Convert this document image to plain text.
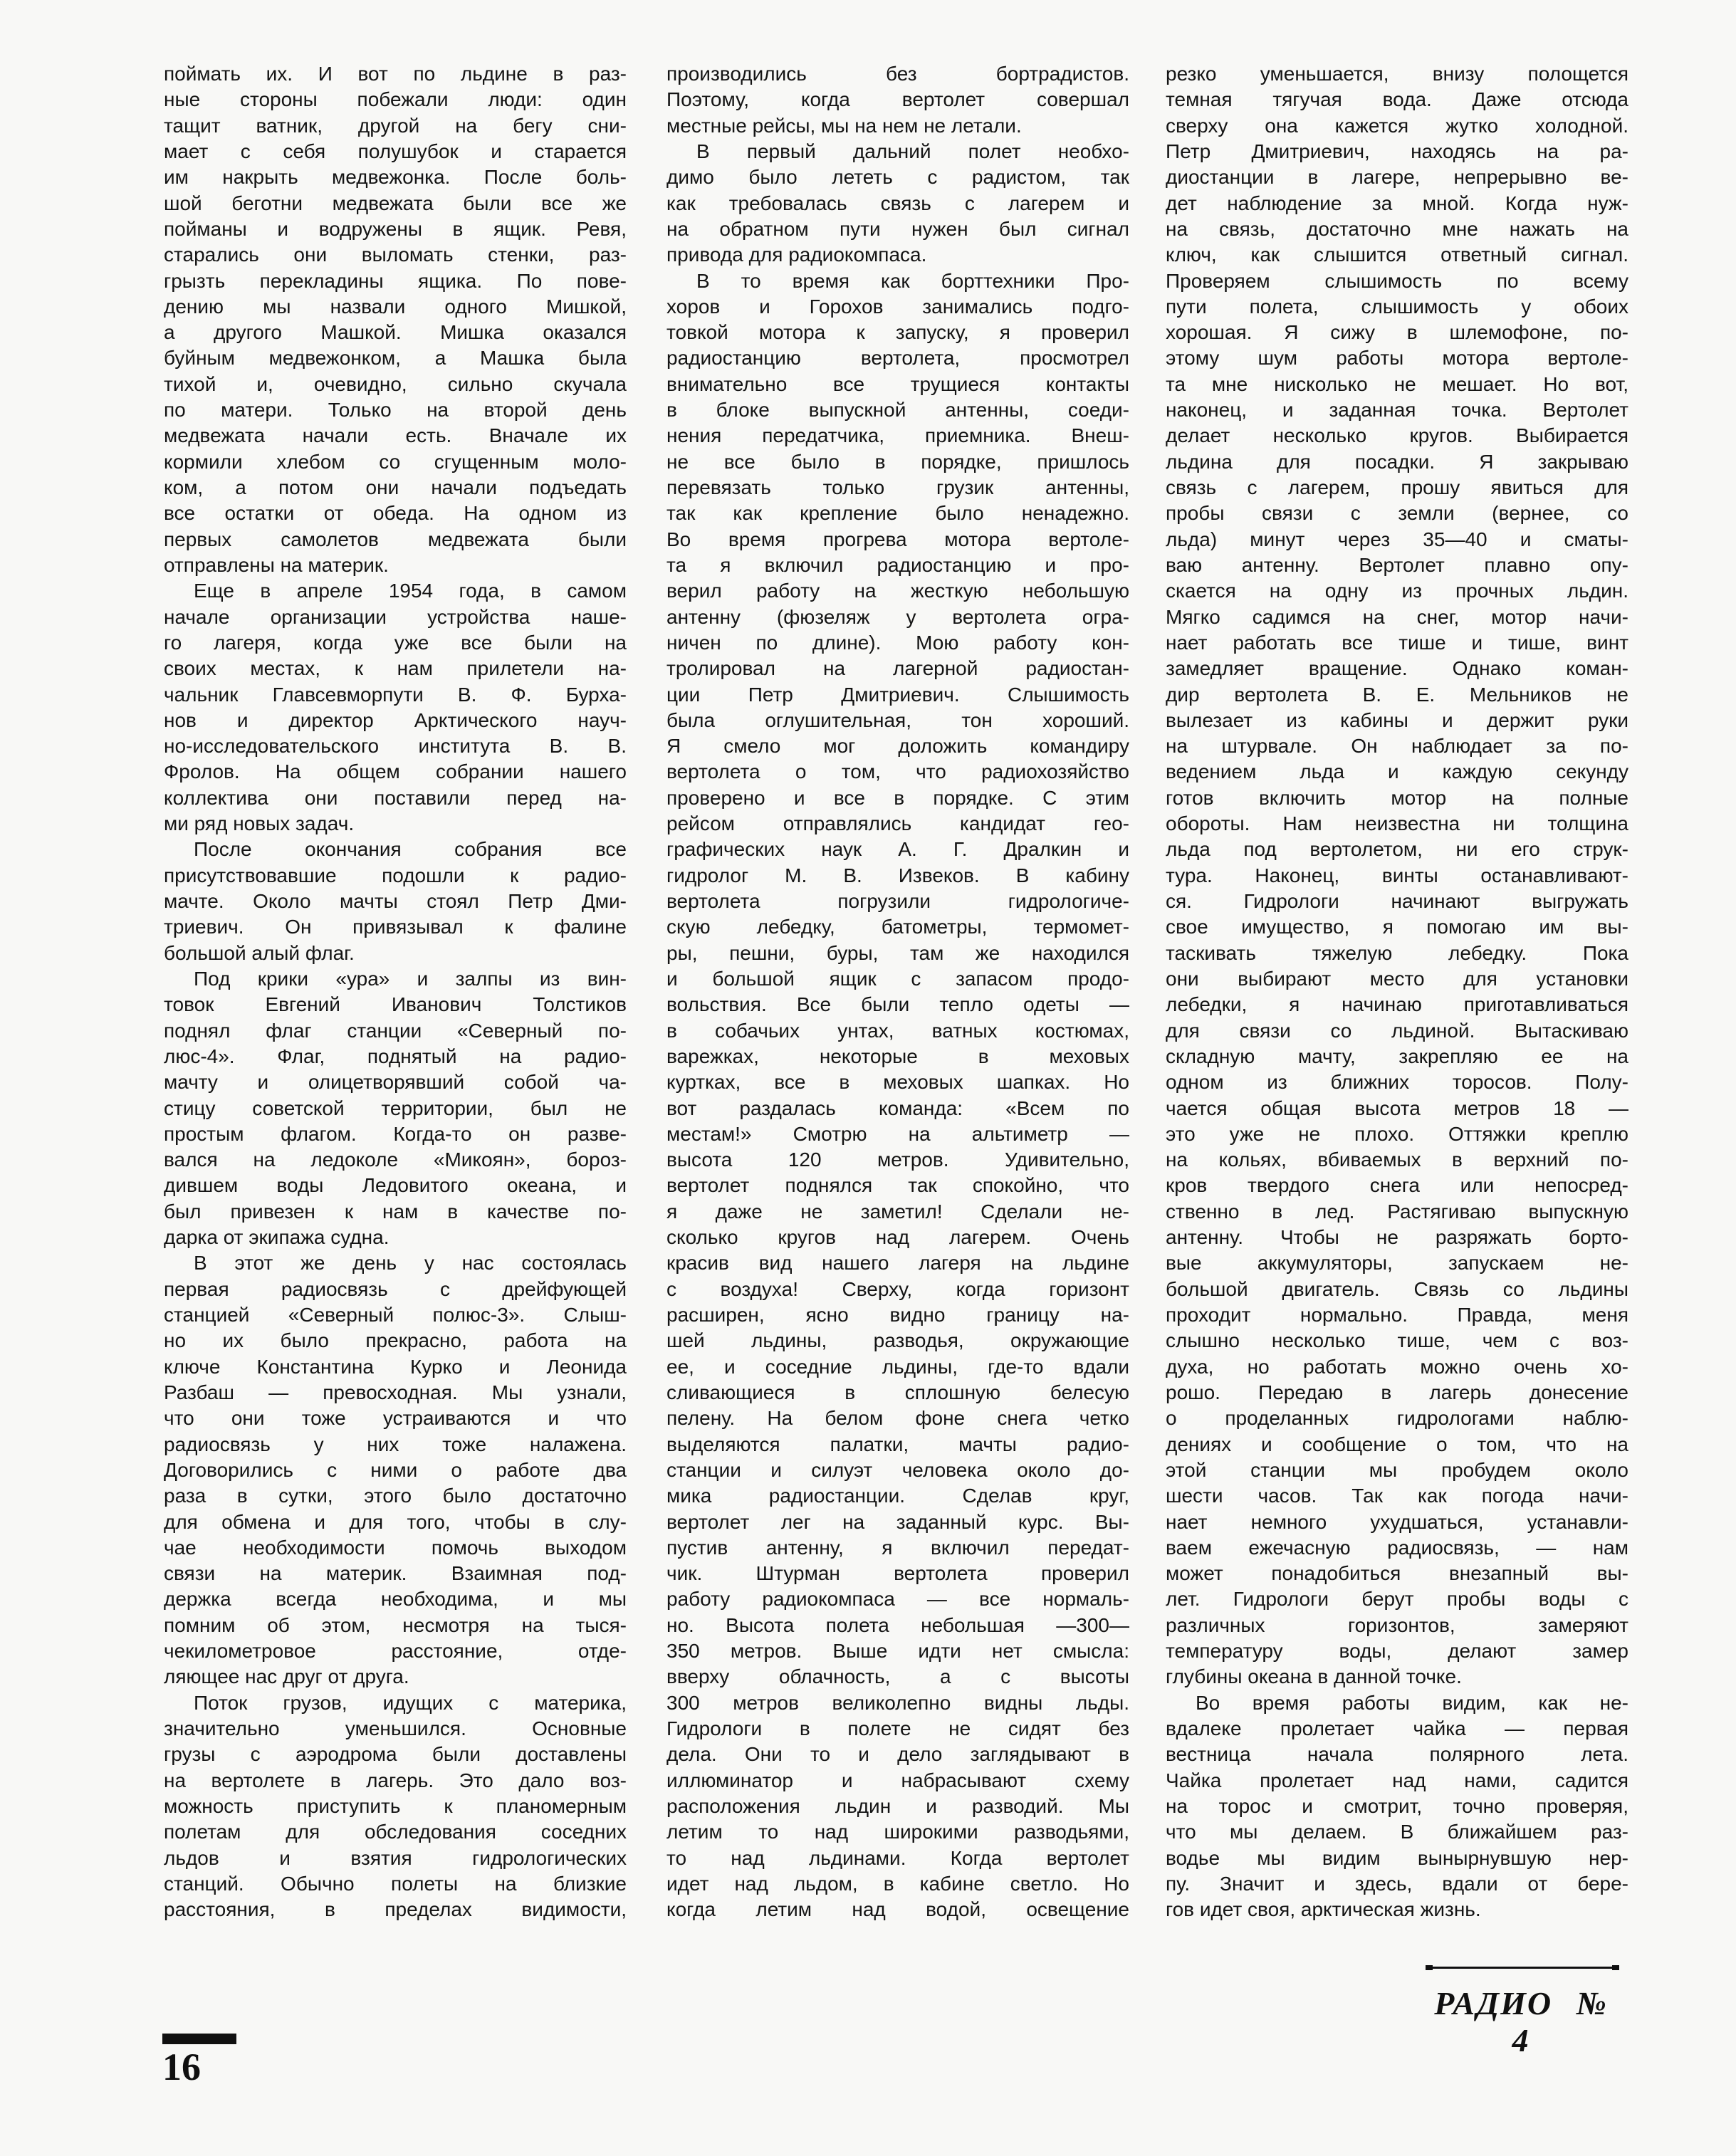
поймать их. И вот по льдине в раз-
ные стороны побежали люди: один
тащит ватник, другой на бегу сни-
мает с себя полушубок и старается
им накрыть медвежонка. После боль-
шой беготни медвежата были все же
пойманы и водружены в ящик. Ревя,
старались они выломать стенки, раз-
грызть перекладины ящика. По пове-
дению мы назвали одного Мишкой,
а другого Машкой. Мишка оказался
буйным медвежонком, а Машка была
тихой и, очевидно, сильно скучала
по матери. Только на второй день
медвежата начали есть. Вначале их
кормили хлебом со сгущенным моло-
ком, а потом они начали подъедать
все остатки от обеда. На одном из
первых самолетов медвежата были
отправлены на материк.
Еще в апреле 1954 года, в самом
начале организации устройства наше-
го лагеря, когда уже все были на
своих местах, к нам прилетели на-
чальник Главсевморпути В. Ф. Бурха-
нов и директор Арктического науч-
но-исследовательского института В. В.
Фролов. На общем собрании нашего
коллектива они поставили перед на-
ми ряд новых задач.
После окончания собрания все
присутствовавшие подошли к радио-
мачте. Около мачты стоял Петр Дми-
триевич. Он привязывал к фалине
большой алый флаг.
Под крики «ура» и залпы из вин-
товок Евгений Иванович Толстиков
поднял флаг станции «Северный по-
люс-4». Флаг, поднятый на радио-
мачту и олицетворявший собой ча-
стицу советской территории, был не
простым флагом. Когда-то он разве-
вался на ледоколе «Микоян», бороз-
дившем воды Ледовитого океана, и
был привезен к нам в качестве по-
дарка от экипажа судна.
В этот же день у нас состоялась
первая радиосвязь с дрейфующей
станцией «Северный полюс-3». Слыш-
но их было прекрасно, работа на
ключе Константина Курко и Леонида
Разбаш — превосходная. Мы узнали,
что они тоже устраиваются и что
радиосвязь у них тоже налажена.
Договорились с ними о работе два
раза в сутки, этого было достаточно
для обмена и для того, чтобы в слу-
чае необходимости помочь выходом
связи на материк. Взаимная под-
держка всегда необходима, и мы
помним об этом, несмотря на тыся-
чекилометровое расстояние, отде-
ляющее нас друг от друга.
Поток грузов, идущих с материка,
значительно уменьшился. Основные
грузы с аэродрома были доставлены
на вертолете в лагерь. Это дало воз-
можность приступить к планомерным
полетам для обследования соседних
льдов и взятия гидрологических
станций. Обычно полеты на близкие
расстояния, в пределах видимости,
производились без бортрадистов.
Поэтому, когда вертолет совершал
местные рейсы, мы на нем не летали.
В первый дальний полет необхо-
димо было лететь с радистом, так
как требовалась связь с лагерем и
на обратном пути нужен был сигнал
привода для радиокомпаса.
В то время как борттехники Про-
хоров и Горохов занимались подго-
товкой мотора к запуску, я проверил
радиостанцию вертолета, просмотрел
внимательно все трущиеся контакты
в блоке выпускной антенны, соеди-
нения передатчика, приемника. Внеш-
не все было в порядке, пришлось
перевязать только грузик антенны,
так как крепление было ненадежно.
Во время прогрева мотора вертоле-
та я включил радиостанцию и про-
верил работу на жесткую небольшую
антенну (фюзеляж у вертолета огра-
ничен по длине). Мою работу кон-
тролировал на лагерной радиостан-
ции Петр Дмитриевич. Слышимость
была оглушительная, тон хороший.
Я смело мог доложить командиру
вертолета о том, что радиохозяйство
проверено и все в порядке. С этим
рейсом отправлялись кандидат гео-
графических наук А. Г. Дралкин и
гидролог М. В. Извеков. В кабину
вертолета погрузили гидрологиче-
скую лебедку, батометры, термомет-
ры, пешни, буры, там же находился
и большой ящик с запасом продо-
вольствия. Все были тепло одеты —
в собачьих унтах, ватных костюмах,
варежках, некоторые в меховых
куртках, все в меховых шапках. Но
вот раздалась команда: «Всем по
местам!» Смотрю на альтиметр —
высота 120 метров. Удивительно,
вертолет поднялся так спокойно, что
я даже не заметил! Сделали не-
сколько кругов над лагерем. Очень
красив вид нашего лагеря на льдине
с воздуха! Сверху, когда горизонт
расширен, ясно видно границу на-
шей льдины, разводья, окружающие
ее, и соседние льдины, где-то вдали
сливающиеся в сплошную белесую
пелену. На белом фоне снега четко
выделяются палатки, мачты радио-
станции и силуэт человека около до-
мика радиостанции. Сделав круг,
вертолет лег на заданный курс. Вы-
пустив антенну, я включил передат-
чик. Штурман вертолета проверил
работу радиокомпаса — все нормаль-
но. Высота полета небольшая —300—
350 метров. Выше идти нет смысла:
вверху облачность, а с высоты
300 метров великолепно видны льды.
Гидрологи в полете не сидят без
дела. Они то и дело заглядывают в
иллюминатор и набрасывают схему
расположения льдин и разводий. Мы
летим то над широкими разводьями,
то над льдинами. Когда вертолет
идет над льдом, в кабине светло. Но
когда летим над водой, освещение
резко уменьшается, внизу полощется
темная тягучая вода. Даже отсюда
сверху она кажется жутко холодной.
Петр Дмитриевич, находясь на ра-
диостанции в лагере, непрерывно ве-
дет наблюдение за мной. Когда нуж-
на связь, достаточно мне нажать на
ключ, как слышится ответный сигнал.
Проверяем слышимость по всему
пути полета, слышимость у обоих
хорошая. Я сижу в шлемофоне, по-
этому шум работы мотора вертоле-
та мне нисколько не мешает. Но вот,
наконец, и заданная точка. Вертолет
делает несколько кругов. Выбирается
льдина для посадки. Я закрываю
связь с лагерем, прошу явиться для
пробы связи с земли (вернее, со
льда) минут через 35—40 и сматы-
ваю антенну. Вертолет плавно опу-
скается на одну из прочных льдин.
Мягко садимся на снег, мотор начи-
нает работать все тише и тише, винт
замедляет вращение. Однако коман-
дир вертолета В. Е. Мельников не
вылезает из кабины и держит руки
на штурвале. Он наблюдает за по-
ведением льда и каждую секунду
готов включить мотор на полные
обороты. Нам неизвестна ни толщина
льда под вертолетом, ни его струк-
тура. Наконец, винты останавливают-
ся. Гидрологи начинают выгружать
свое имущество, я помогаю им вы-
таскивать тяжелую лебедку. Пока
они выбирают место для установки
лебедки, я начинаю приготавливаться
для связи со льдиной. Вытаскиваю
складную мачту, закрепляю ее на
одном из ближних торосов. Полу-
чается общая высота метров 18 —
это уже не плохо. Оттяжки креплю
на кольях, вбиваемых в верхний по-
кров твердого снега или непосред-
ственно в лед. Растягиваю выпускную
антенну. Чтобы не разряжать борто-
вые аккумуляторы, запускаем не-
большой двигатель. Связь со льдины
проходит нормально. Правда, меня
слышно несколько тише, чем с воз-
духа, но работать можно очень хо-
рошо. Передаю в лагерь донесение
о проделанных гидрологами наблю-
дениях и сообщение о том, что на
этой станции мы пробудем около
шести часов. Так как погода начи-
нает немного ухудшаться, устанавли-
ваем ежечасную радиосвязь, — нам
может понадобиться внезапный вы-
лет. Гидрологи берут пробы воды с
различных горизонтов, замеряют
температуру воды, делают замер
глубины океана в данной точке.
Во время работы видим, как не-
вдалеке пролетает чайка — первая
вестница начала полярного лета.
Чайка пролетает над нами, садится
на торос и смотрит, точно проверяя,
что мы делаем. В ближайшем раз-
водье мы видим вынырнувшую нер-
пу. Значит и здесь, вдали от бере-
гов идет своя, арктическая жизнь.
16
РАДИО № 4
